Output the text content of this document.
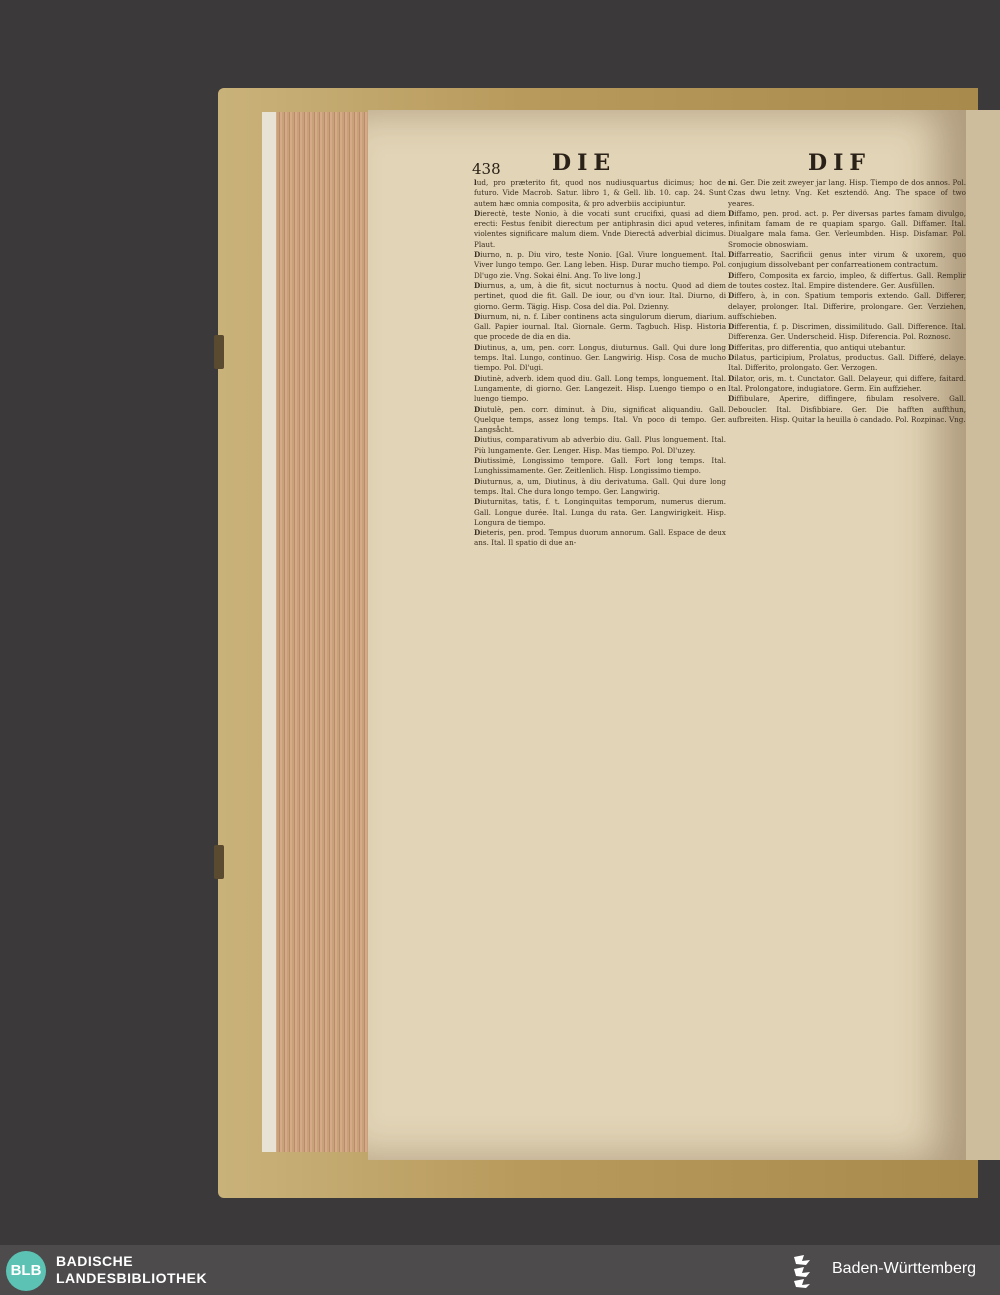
438 DIE	DIF

lud, pro præterito fit, quod nos nudiusquartus dicimus; hoc de futuro. Vide Macrob. Satur. libro 1, & Gell. lib. 10. cap. 24. Sunt autem hæc omnia composita, & pro adverbiis accipiuntur.

Dierectè, teste Nonio, à die vocati sunt crucifixi, quasi ad diem erecti: Festus fenibit dierectum per antiphrasin dici apud veteres, violentes significare malum diem. Vnde Dierectâ adverbial dicimus. Plaut.

Diurno, n. p. Diu viro, teste Nonio. [Gal. Viure longuement. Ital. Viver lungo tempo. Ger. Lang leben. Hisp. Durar mucho tiempo. Pol. Dl'ugo zie. Vng. Sokai élni. Ang. To live long.]

Diurnus, a, um, à die fit, sicut nocturnus à noctu. Quod ad diem pertinet, quod die fit. Gall. De iour, ou d'vn iour. Ital. Diurno, di giorno. Germ. Tägig. Hisp. Cosa del dia. Pol. Dzienny.

Diurnum, ni, n. f. Liber continens acta singulorum dierum, diarium. Gall. Papier iournal. Ital. Giornale. Germ. Tagbuch. Hisp. Historia que procede de dia en dia.

Diutinus, a, um, pen. corr. Longus, diuturnus. Gall. Qui dure long temps. Ital. Lungo, continuo. Ger. Langwirig. Hisp. Cosa de mucho tiempo. Pol. Dl'ugi.

Diutinè, adverb. idem quod diu. Gall. Long temps, longuement. Ital. Lungamente, di giorno. Ger. Langezeit. Hisp. Luengo tiempo o en luengo tiempo.

Diutulè, pen. corr. diminut. à Diu, significat aliquandiu. Gall. Quelque temps, assez long temps. Ital. Vn poco di tempo. Ger. Langsåcht.

Diutius, comparativum ab adverbio diu. Gall. Plus longuement. Ital. Più lungamente. Ger. Lenger. Hisp. Mas tiempo. Pol. Dl'uzey.

Diutissimè, Longissimo tempore. Gall. Fort long temps. Ital. Lunghissimamente. Ger. Zeitlenlich. Hisp. Longissimo tiempo.

Diuturnus, a, um, Diutinus, à diu derivatuma. Gall. Qui dure long temps. Ital. Che dura longo tempo. Ger. Langwirig.

Diuturnitas, tatis, f. t. Longinquitas temporum, numerus dierum. Gall. Longue durée. Ital. Lunga du rata. Ger. Langwirigkeit. Hisp. Longura de tiempo.

Dieteris, pen. prod. Tempus duorum annorum. Gall. Espace de deux ans. Ital. Il spatio di due an-

ni. Ger. Die zeit zweyer jar lang. Hisp. Tiempo de dos annos. Pol. Czas dwu letny. Vng. Ket esztendö. Ang. The space of two yeares.

Diffamo, pen. prod. act. p. Per diversas partes famam divulgo, infinitam famam de re quapiam spargo. Gall. Diffamer. Ital. Diualgare mala fama. Ger. Verleumbden. Hisp. Disfamar. Pol. Sromocie obnoswiam.

Diffarreatio, Sacrificii genus inter virum & uxorem, quo conjugium dissolvebant per confarreationem contractum.

Differo, Composita ex farcio, impleo, & differtus. Gall. Remplir de toutes costez. Ital. Empire distendere. Ger. Ausfüllen.

Differo, à, in con. Spatium temporis extendo. Gall. Differer, delayer, prolonger. Ital. Differire, prolongare. Ger. Verziehen, auffschieben.

Differentia, f. p. Discrimen, dissimilitudo. Gall. Difference. Ital. Differenza. Ger. Underscheid. Hisp. Diferencia. Pol. Roznosc.

Differitas, pro differentia, quo antiqui utebantur.

Dilatus, participium, Prolatus, productus. Gall. Differé, delaye. Ital. Differito, prolongato. Ger. Verzogen.

Dilator, oris, m. t. Cunctator. Gall. Delayeur, qui differe, faitard. Ital. Prolongatore, indugiatore. Germ. Ein auffzieher.

Diffibulare, Aperire, diffingere, fibulam resolvere. Gall. Deboucler. Ital. Disfibbiare. Ger. Die hafften auffthun, aufbreiten. Hisp. Quitar la heuilla ò candado. Pol. Rozpinac. Vng.

BLB
BADISCHE
LANDESBIBLIOTHEK
Baden-Württemberg
